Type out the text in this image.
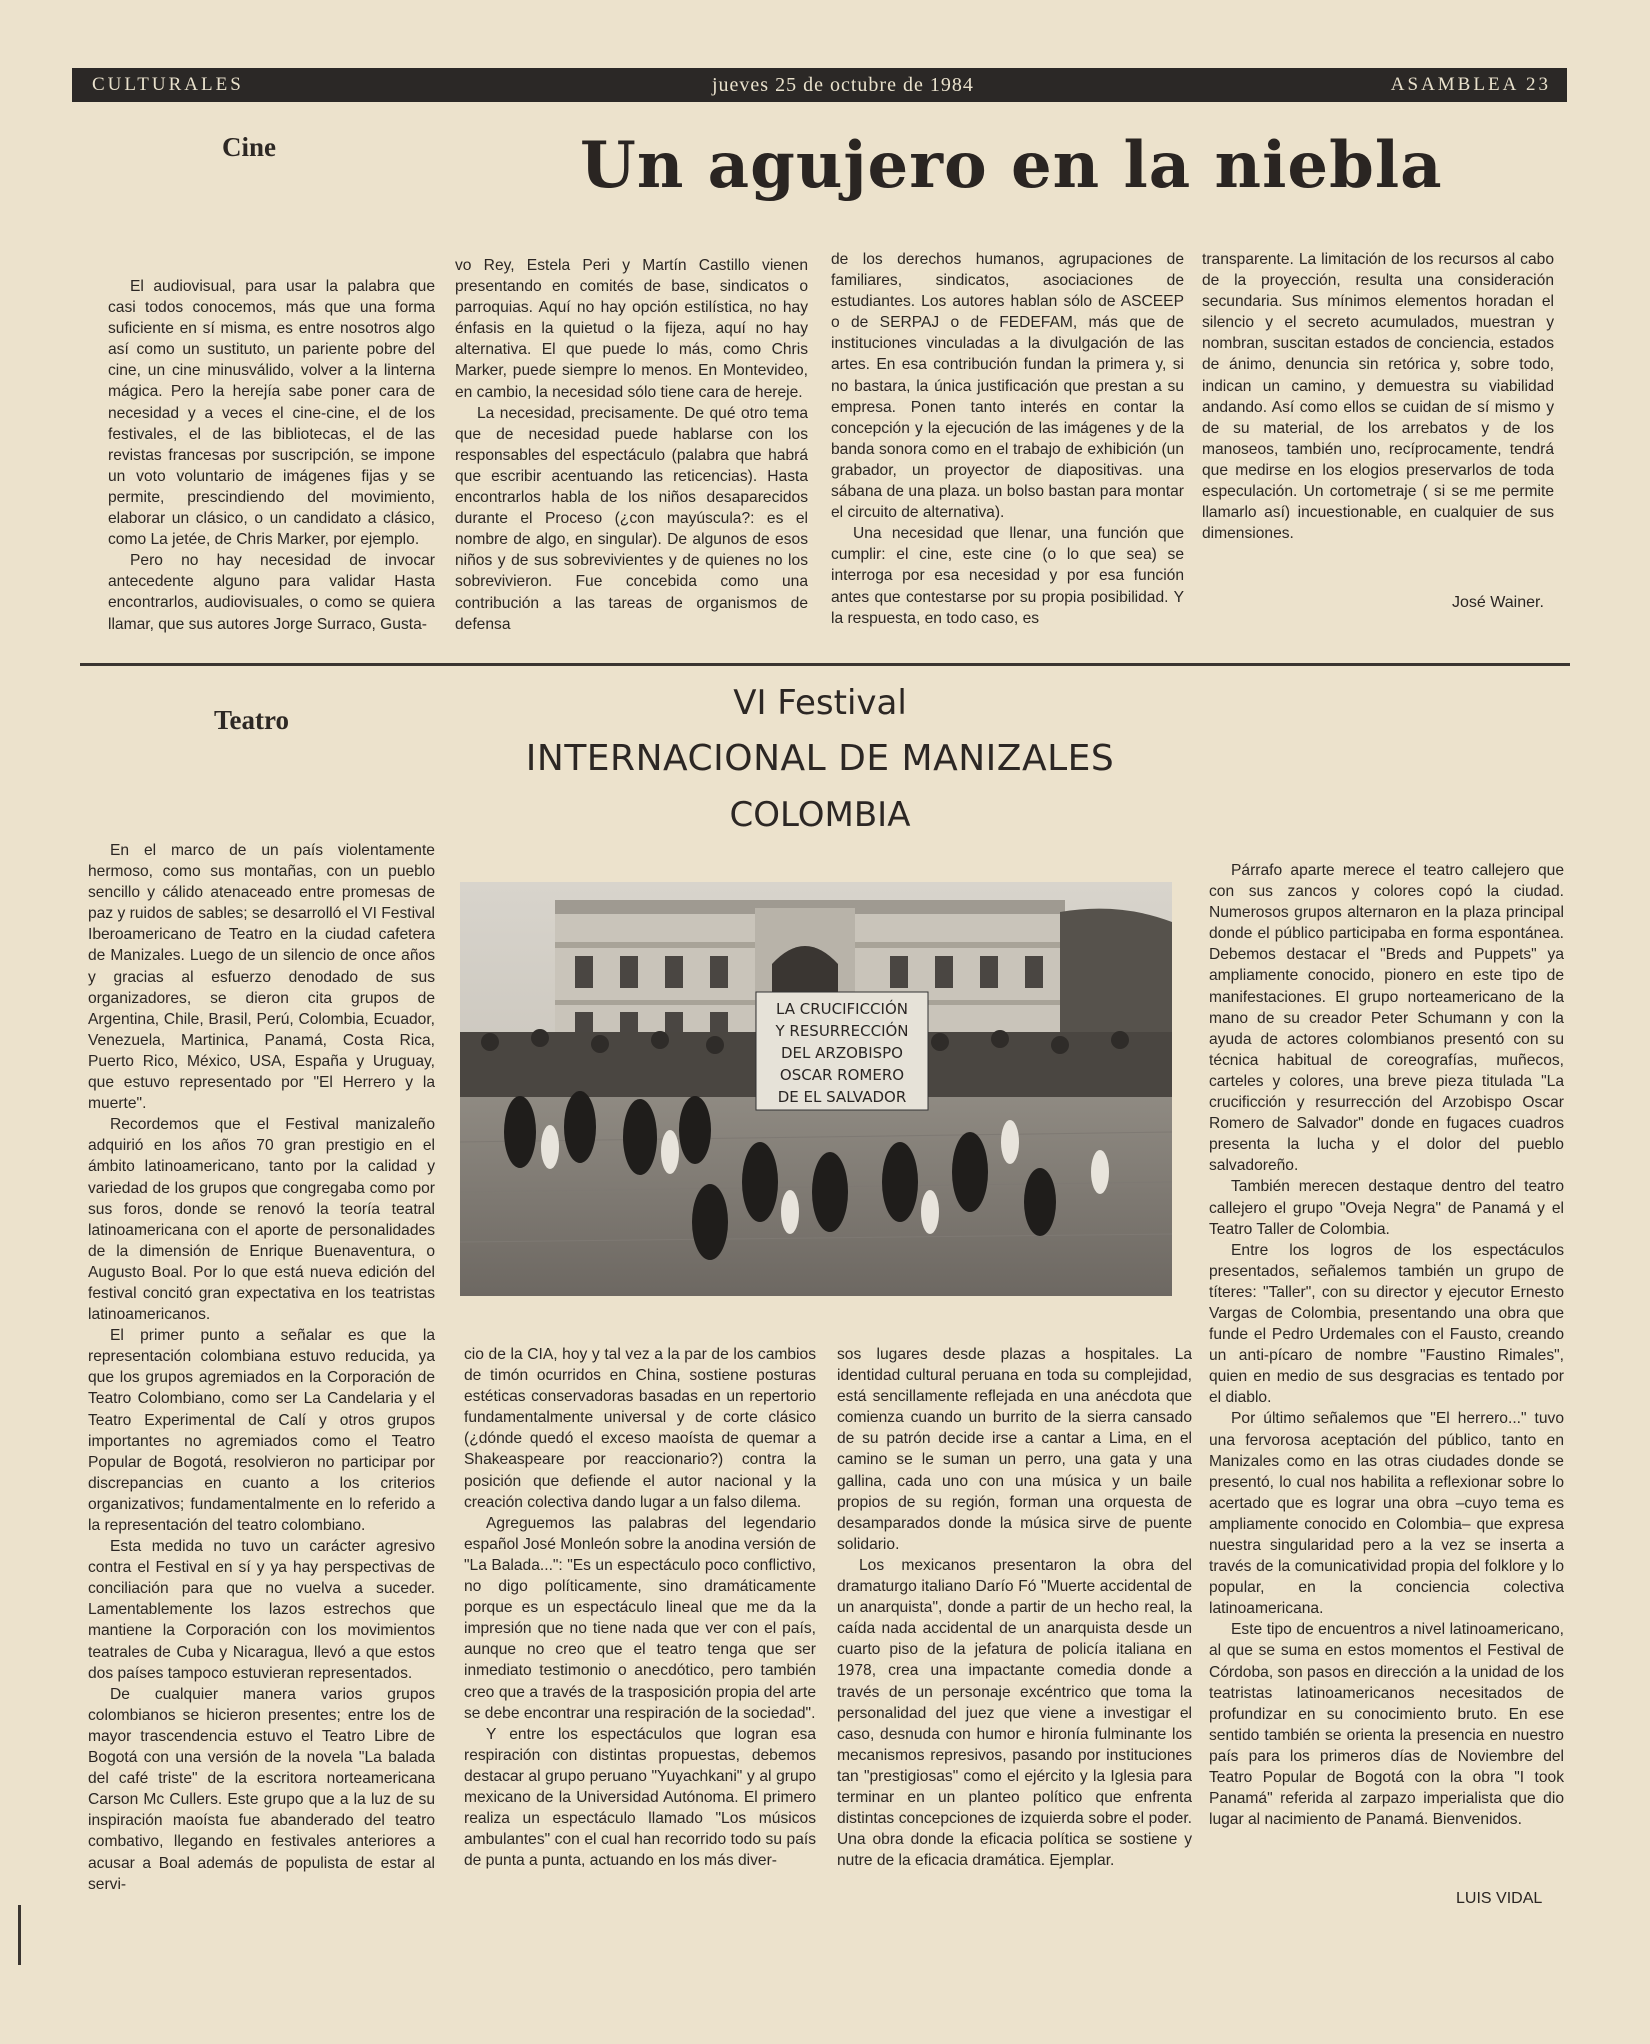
CULTURALES	jueves 25 de octubre de 1984	ASAMBLEA 23
Cine	Un agujero en la niebla

El audiovisual, para usar la palabra que casi todos conocemos, más que una forma suficiente en sí misma, es entre nosotros algo así como un sustituto, un pariente pobre del cine, un cine minusválido, volver a la linterna mágica. Pero la herejía sabe poner cara de necesidad y a veces el cine-cine, el de los festivales, el de las bibliotecas, el de las revistas francesas por suscripción, se impone un voto voluntario de imágenes fijas y se permite, prescindiendo del movimiento, elaborar un clásico, o un candidato a clásico, como La jetée, de Chris Marker, por ejemplo.

Pero no hay necesidad de invocar antecedente alguno para validar Hasta encontrarlos, audiovisuales, o como se quiera llamar, que sus autores Jorge Surraco, Gusta-

vo Rey, Estela Peri y Martín Castillo vienen presentando en comités de base, sindicatos o parroquias. Aquí no hay opción estilística, no hay énfasis en la quietud o la fijeza, aquí no hay alternativa. El que puede lo más, como Chris Marker, puede siempre lo menos. En Montevideo, en cambio, la necesidad sólo tiene cara de hereje.

La necesidad, precisamente. De qué otro tema que de necesidad puede hablarse con los responsables del espectáculo (palabra que habrá que escribir acentuando las reticencias). Hasta encontrarlos habla de los niños desaparecidos durante el Proceso (¿con mayúscula?: es el nombre de algo, en singular). De algunos de esos niños y de sus sobrevivientes y de quienes no los sobrevivieron. Fue concebida como una contribución a las tareas de organismos de defensa

de los derechos humanos, agrupaciones de familiares, sindicatos, asociaciones de estudiantes. Los autores hablan sólo de ASCEEP o de SERPAJ o de FEDEFAM, más que de instituciones vinculadas a la divulgación de las artes. En esa contribución fundan la primera y, si no bastara, la única justificación que prestan a su empresa. Ponen tanto interés en contar la concepción y la ejecución de las imágenes y de la banda sonora como en el trabajo de exhibición (un grabador, un proyector de diapositivas. una sábana de una plaza. un bolso bastan para montar el circuito de alternativa).

Una necesidad que llenar, una función que cumplir: el cine, este cine (o lo que sea) se interroga por esa necesidad y por esa función antes que contestarse por su propia posibilidad. Y la respuesta, en todo caso, es

transparente. La limitación de los recursos al cabo de la proyección, resulta una consideración secundaria. Sus mínimos elementos horadan el silencio y el secreto acumulados, muestran y nombran, suscitan estados de conciencia, estados de ánimo, denuncia sin retórica y, sobre todo, indican un camino, y demuestra su viabilidad andando. Así como ellos se cuidan de sí mismo y de su material, de los arrebatos y de los manoseos, también uno, recíprocamente, tendrá que medirse en los elogios preservarlos de toda especulación. Un cortometraje ( si se me permite llamarlo así) incuestionable, en cualquier de sus dimensiones.

José Wainer.
Teatro	VI Festival
INTERNACIONAL DE MANIZALES
COLOMBIA
LA CRUCIFICCIÓN
Y RESURRECCIÓN
DEL ARZOBISPO
OSCAR ROMERO
DE EL SALVADOR

En el marco de un país violentamente hermoso, como sus montañas, con un pueblo sencillo y cálido atenaceado entre promesas de paz y ruidos de sables; se desarrolló el VI Festival Iberoamericano de Teatro en la ciudad cafetera de Manizales. Luego de un silencio de once años y gracias al esfuerzo denodado de sus organizadores, se dieron cita grupos de Argentina, Chile, Brasil, Perú, Colombia, Ecuador, Venezuela, Martinica, Panamá, Costa Rica, Puerto Rico, México, USA, España y Uruguay, que estuvo representado por "El Herrero y la muerte".

Recordemos que el Festival manizaleño adquirió en los años 70 gran prestigio en el ámbito latinoamericano, tanto por la calidad y variedad de los grupos que congregaba como por sus foros, donde se renovó la teoría teatral latinoamericana con el aporte de personalidades de la dimensión de Enrique Buenaventura, o Augusto Boal. Por lo que está nueva edición del festival concitó gran expectativa en los teatristas latinoamericanos.

El primer punto a señalar es que la representación colombiana estuvo reducida, ya que los grupos agremiados en la Corporación de Teatro Colombiano, como ser La Candelaria y el Teatro Experimental de Calí y otros grupos importantes no agremiados como el Teatro Popular de Bogotá, resolvieron no participar por discrepancias en cuanto a los criterios organizativos; fundamentalmente en lo referido a la representación del teatro colombiano.

Esta medida no tuvo un carácter agresivo contra el Festival en sí y ya hay perspectivas de conciliación para que no vuelva a suceder. Lamentablemente los lazos estrechos que mantiene la Corporación con los movimientos teatrales de Cuba y Nicaragua, llevó a que estos dos países tampoco estuvieran representados.

De cualquier manera varios grupos colombianos se hicieron presentes; entre los de mayor trascendencia estuvo el Teatro Libre de Bogotá con una versión de la novela "La balada del café triste" de la escritora norteamericana Carson Mc Cullers. Este grupo que a la luz de su inspiración maoísta fue abanderado del teatro combativo, llegando en festivales anteriores a acusar a Boal además de populista de estar al servi-

cio de la CIA, hoy y tal vez a la par de los cambios de timón ocurridos en China, sostiene posturas estéticas conservadoras basadas en un repertorio fundamentalmente universal y de corte clásico (¿dónde quedó el exceso maoísta de quemar a Shakeaspeare por reaccionario?) contra la posición que defiende el autor nacional y la creación colectiva dando lugar a un falso dilema.

Agreguemos las palabras del legendario español José Monleón sobre la anodina versión de "La Balada...": "Es un espectáculo poco conflictivo, no digo políticamente, sino dramáticamente porque es un espectáculo lineal que me da la impresión que no tiene nada que ver con el país, aunque no creo que el teatro tenga que ser inmediato testimonio o anecdótico, pero también creo que a través de la trasposición propia del arte se debe encontrar una respiración de la sociedad".

Y entre los espectáculos que logran esa respiración con distintas propuestas, debemos destacar al grupo peruano "Yuyachkani" y al grupo mexicano de la Universidad Autónoma. El primero realiza un espectáculo llamado "Los músicos ambulantes" con el cual han recorrido todo su país de punta a punta, actuando en los más diver-

sos lugares desde plazas a hospitales. La identidad cultural peruana en toda su complejidad, está sencillamente reflejada en una anécdota que comienza cuando un burrito de la sierra cansado de su patrón decide irse a cantar a Lima, en el camino se le suman un perro, una gata y una gallina, cada uno con una música y un baile propios de su región, forman una orquesta de desamparados donde la música sirve de puente solidario.

Los mexicanos presentaron la obra del dramaturgo italiano Darío Fó "Muerte accidental de un anarquista", donde a partir de un hecho real, la caída nada accidental de un anarquista desde un cuarto piso de la jefatura de policía italiana en 1978, crea una impactante comedia donde a través de un personaje excéntrico que toma la personalidad del juez que viene a investigar el caso, desnuda con humor e hironía fulminante los mecanismos represivos, pasando por instituciones tan "prestigiosas" como el ejército y la Iglesia para terminar en un planteo político que enfrenta distintas concepciones de izquierda sobre el poder. Una obra donde la eficacia política se sostiene y nutre de la eficacia dramática. Ejemplar.

Párrafo aparte merece el teatro callejero que con sus zancos y colores copó la ciudad. Numerosos grupos alternaron en la plaza principal donde el público participaba en forma espontánea. Debemos destacar el "Breds and Puppets" ya ampliamente conocido, pionero en este tipo de manifestaciones. El grupo norteamericano de la mano de su creador Peter Schumann y con la ayuda de actores colombianos presentó con su técnica habitual de coreografías, muñecos, carteles y colores, una breve pieza titulada "La crucificción y resurrección del Arzobispo Oscar Romero de Salvador" donde en fugaces cuadros presenta la lucha y el dolor del pueblo salvadoreño.

También merecen destaque dentro del teatro callejero el grupo "Oveja Negra" de Panamá y el Teatro Taller de Colombia.

Entre los logros de los espectáculos presentados, señalemos también un grupo de títeres: "Taller", con su director y ejecutor Ernesto Vargas de Colombia, presentando una obra que funde el Pedro Urdemales con el Fausto, creando un anti-pícaro de nombre "Faustino Rimales", quien en medio de sus desgracias es tentado por el diablo.

Por último señalemos que "El herrero..." tuvo una fervorosa aceptación del público, tanto en Manizales como en las otras ciudades donde se presentó, lo cual nos habilita a reflexionar sobre lo acertado que es lograr una obra –cuyo tema es ampliamente conocido en Colombia– que expresa nuestra singularidad pero a la vez se inserta a través de la comunicatividad propia del folklore y lo popular, en la conciencia colectiva latinoamericana.

Este tipo de encuentros a nivel latinoamericano, al que se suma en estos momentos el Festival de Córdoba, son pasos en dirección a la unidad de los teatristas latinoamericanos necesitados de profundizar en su conocimiento bruto. En ese sentido también se orienta la presencia en nuestro país para los primeros días de Noviembre del Teatro Popular de Bogotá con la obra "I took Panamá" referida al zarpazo imperialista que dio lugar al nacimiento de Panamá. Bienvenidos.

LUIS VIDAL
